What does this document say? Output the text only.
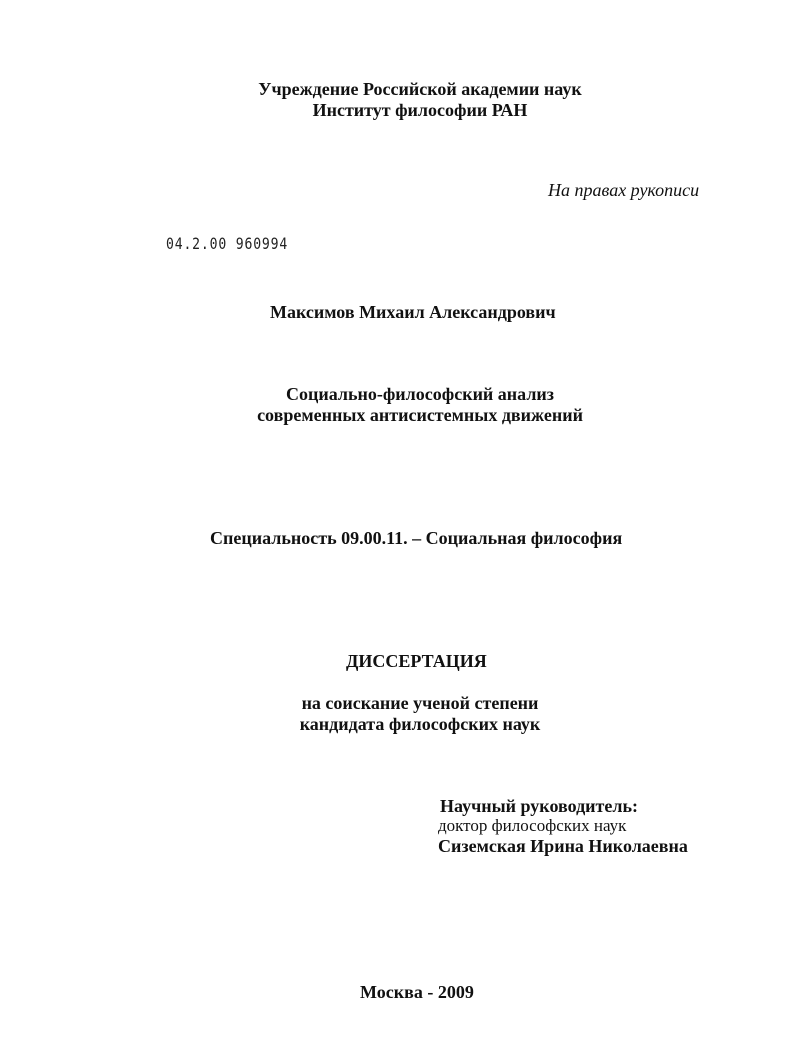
Учреждение Российской академии наук
Институт философии РАН
На правах рукописи
04.2.00 960994
Максимов Михаил Александрович
Социально-философский анализ
современных антисистемных движений
Специальность 09.00.11. – Социальная философия
ДИССЕРТАЦИЯ
на соискание ученой степени
кандидата философских наук
Научный руководитель:
доктор философских наук
Сиземская Ирина Николаевна
Москва - 2009
